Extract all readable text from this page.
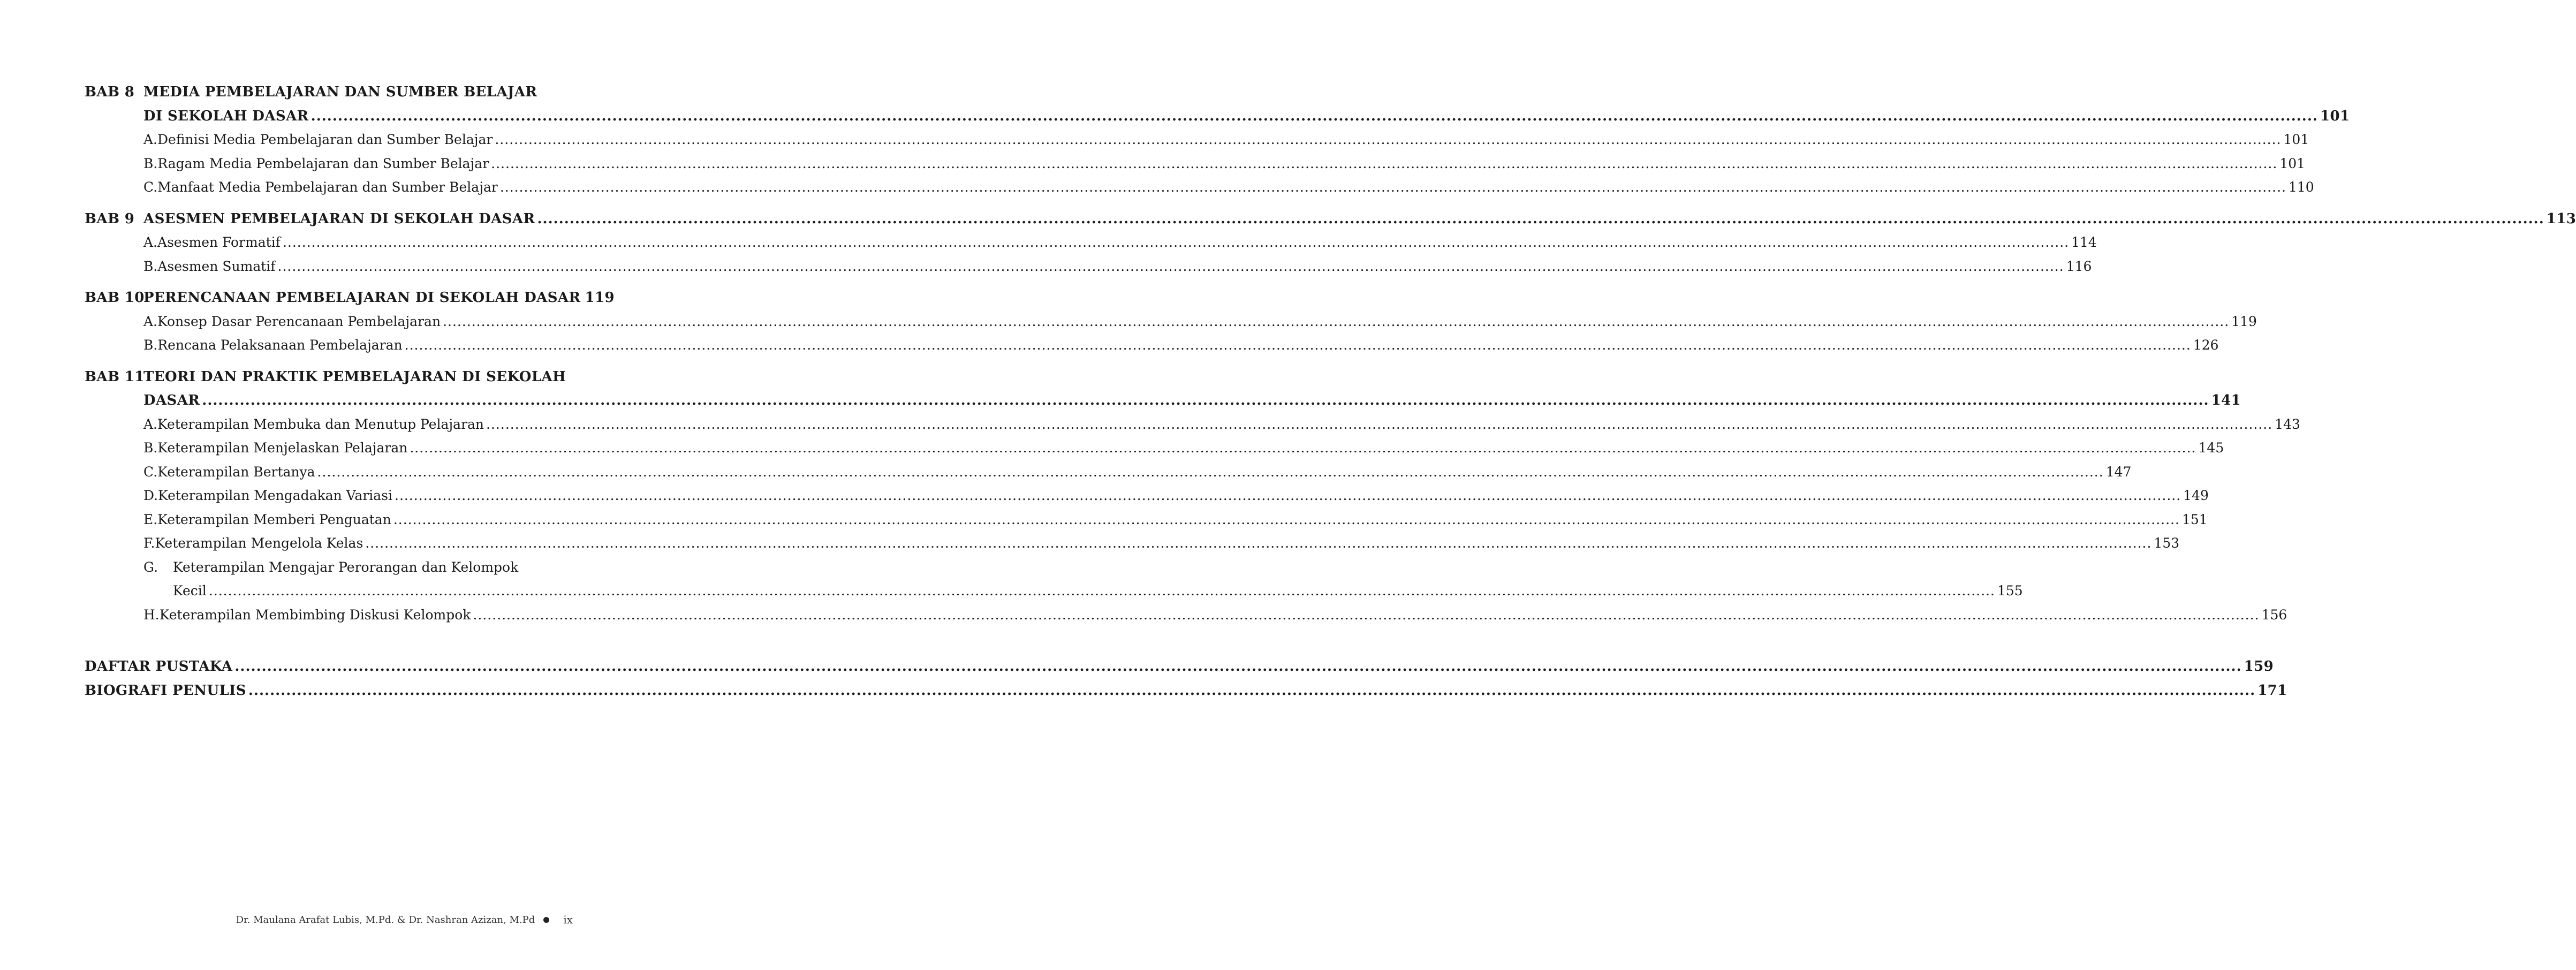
BAB 8 MEDIA PEMBELAJARAN DAN SUMBER BELAJAR
DI SEKOLAH DASAR .....	101
A. Definisi Media Pembelajaran dan Sumber Belajar .....	101
B. Ragam Media Pembelajaran dan Sumber Belajar .....	101
C. Manfaat Media Pembelajaran dan Sumber Belajar .....	110
BAB 9 ASESMEN PEMBELAJARAN DI SEKOLAH DASAR .....	113
A. Asesmen Formatif .....	114
B. Asesmen Sumatif .....	116
BAB 10
PERENCANAAN PEMBELAJARAN DI SEKOLAH DASAR 119
A. Konsep Dasar Perencanaan Pembelajaran .....	119
B. Rencana Pelaksanaan Pembelajaran .....	126
BAB 11
TEORI DAN PRAKTIK PEMBELAJARAN DI SEKOLAH
DASAR .....	141
A. Keterampilan Membuka dan Menutup Pelajaran .....	143
B. Keterampilan Menjelaskan Pelajaran .....	145
C. Keterampilan Bertanya .....	147
D. Keterampilan Mengadakan Variasi .....	149
E. Keterampilan Memberi Penguatan .....	151
F. Keterampilan Mengelola Kelas .....	153
G.	Keterampilan Mengajar Perorangan dan Kelompok
Kecil .....	155
H. Keterampilan Membimbing Diskusi Kelompok .....	156
DAFTAR PUSTAKA .....	159
BIOGRAFI PENULIS .....	171
Dr. Maulana Arafat Lubis, M.Pd. & Dr. Nashran Azizan, M.Pd	ix
